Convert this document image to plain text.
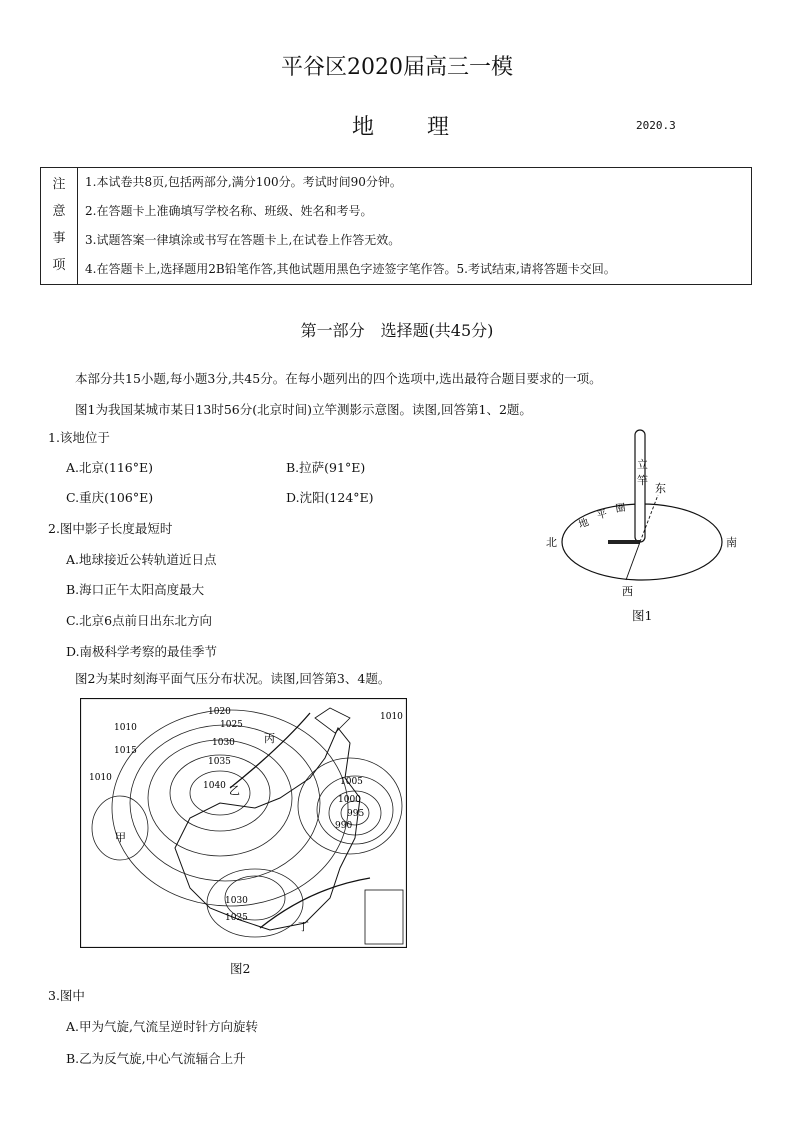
平谷区2020届高三一模
地 理	2020.3
注
意
事
项
1.本试卷共8页,包括两部分,满分100分。考试时间90分钟。
2.在答题卡上准确填写学校名称、班级、姓名和考号。
3.试题答案一律填涂或书写在答题卡上,在试卷上作答无效。
4.在答题卡上,选择题用2B铅笔作答,其他试题用黑色字迹签字笔作答。5.考试结束,请将答题卡交回。
第一部分　选择题(共45分)
本部分共15小题,每小题3分,共45分。在每小题列出的四个选项中,选出最符合题目要求的一项。
图1为我国某城市某日13时56分(北京时间)立竿测影示意图。读图,回答第1、2题。
1.该地位于
A.北京(116°E)	B.拉萨(91°E)
C.重庆(106°E)	D.沈阳(124°E)
2.图中影子长度最短时
A.地球接近公转轨道近日点
B.海口正午太阳高度最大
C.北京6点前日出东北方向
D.南极科学考察的最佳季节
图2为某时刻海平面气压分布状况。读图,回答第3、4题。
立
竿
地
平 圈
北	南
东
西
图1
1020
1025
1030
1035
1040
1010
1015
1010
1010
1005
1000
995
990
1030
1025
甲
乙
丙
丁
图2
3.图中
A.甲为气旋,气流呈逆时针方向旋转
B.乙为反气旋,中心气流辐合上升
